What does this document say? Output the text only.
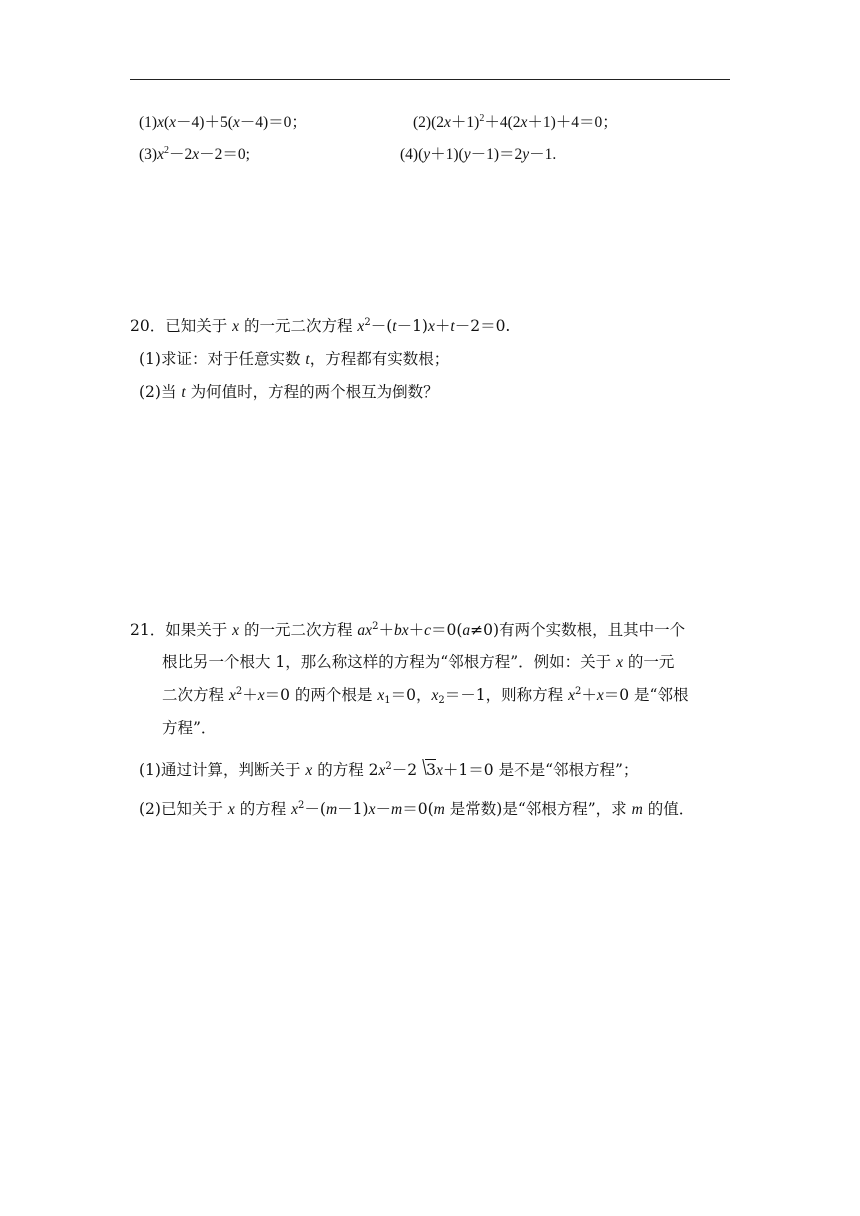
(1)x(x－4)＋5(x－4)＝0；	$(2)(2x+1)^2+4(2x+1)+4=0$；
$(3)x^2-2x-2=0$;	(4)(y＋1)(y－1)＝2y－1.
20．已知关于 x 的一元二次方程 $x^2-(t-1)x+t-2=0$.
(1)求证：对于任意实数 t，方程都有实数根；
(2)当 t 为何值时，方程的两个根互为倒数？
21．如果关于 x 的一元二次方程 $ax^2+bx+c=0(a\ne 0)$有两个实数根，且其中一个
根比另一个根大 1，那么称这样的方程为“邻根方程”．例如：关于 x 的一元
二次方程 $x^2+x=0$ 的两个根是 $x_1=0$，$x_2=-1$，则称方程 $x^2+x=0$ 是“邻根
方程”．
(1)通过计算，判断关于 x 的方程 $2x^2-2$ 3x＋1＝0 是不是“邻根方程”；
(2)已知关于 x 的方程 $x^2-(m-1)x-m=0(m$ 是常数)是“邻根方程”，求 m 的值．
